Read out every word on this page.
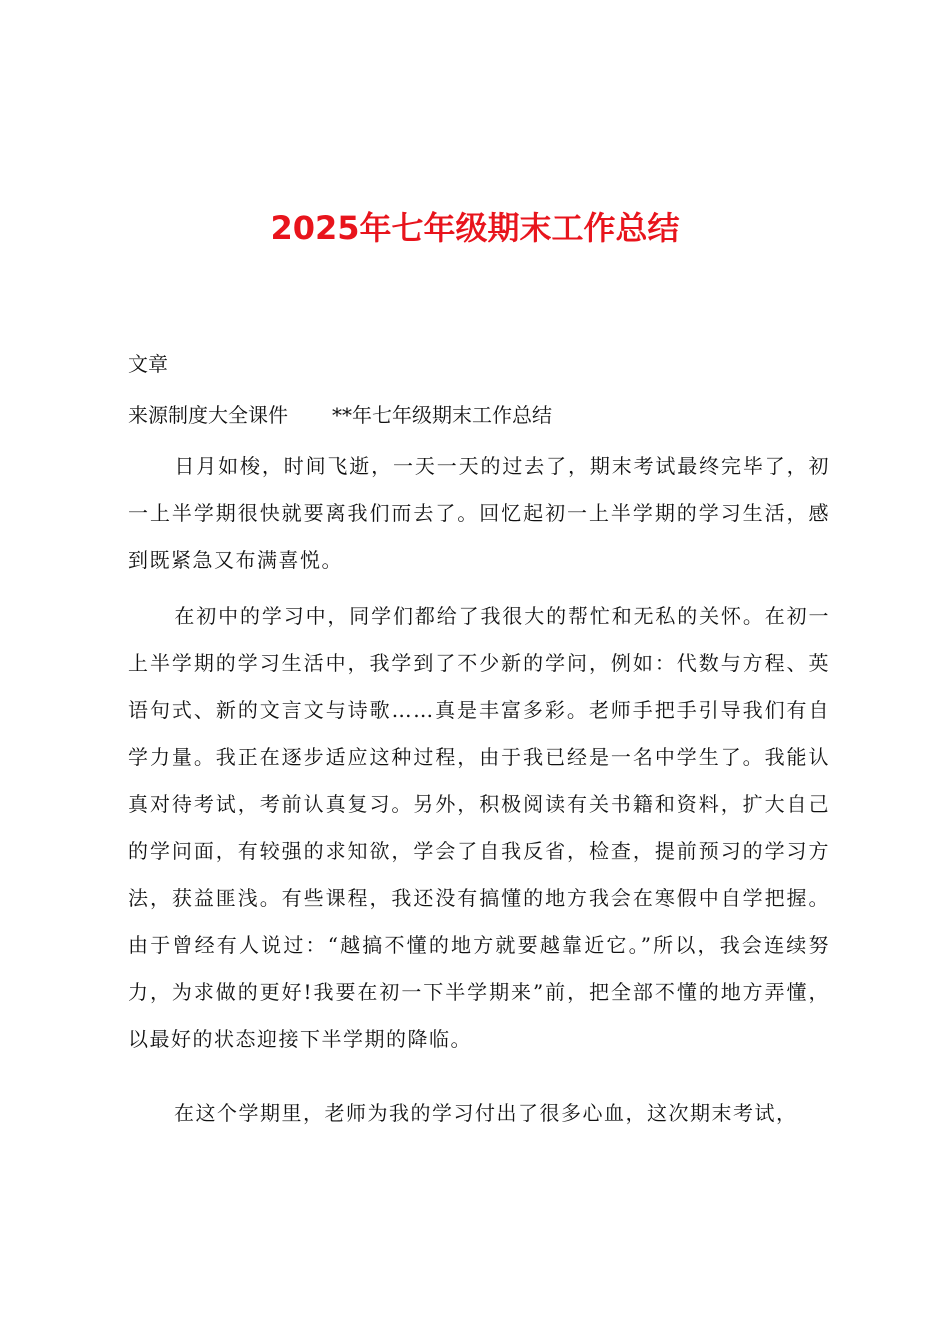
2025年七年级期末工作总结

文章

来源制度大全课件 **年七年级期末工作总结

日月如梭，时间飞逝，一天一天的过去了，期末考试最终完毕了，初一上半学期很快就要离我们而去了。回忆起初一上半学期的学习生活，感到既紧急又布满喜悦。

在初中的学习中，同学们都给了我很大的帮忙和无私的关怀。在初一上半学期的学习生活中，我学到了不少新的学问，例如：代数与方程、英语句式、新的文言文与诗歌……真是丰富多彩。老师手把手引导我们有自学力量。我正在逐步适应这种过程，由于我已经是一名中学生了。我能认真对待考试，考前认真复习。另外，积极阅读有关书籍和资料，扩大自己的学问面，有较强的求知欲，学会了自我反省，检查，提前预习的学习方法，获益匪浅。有些课程，我还没有搞懂的地方我会在寒假中自学把握。由于曾经有人说过：“越搞不懂的地方就要越靠近它。”所以，我会连续努力，为求做的更好!我要在初一下半学期来”前，把全部不懂的地方弄懂，以最好的状态迎接下半学期的降临。

在这个学期里，老师为我的学习付出了很多心血，这次期末考试，
